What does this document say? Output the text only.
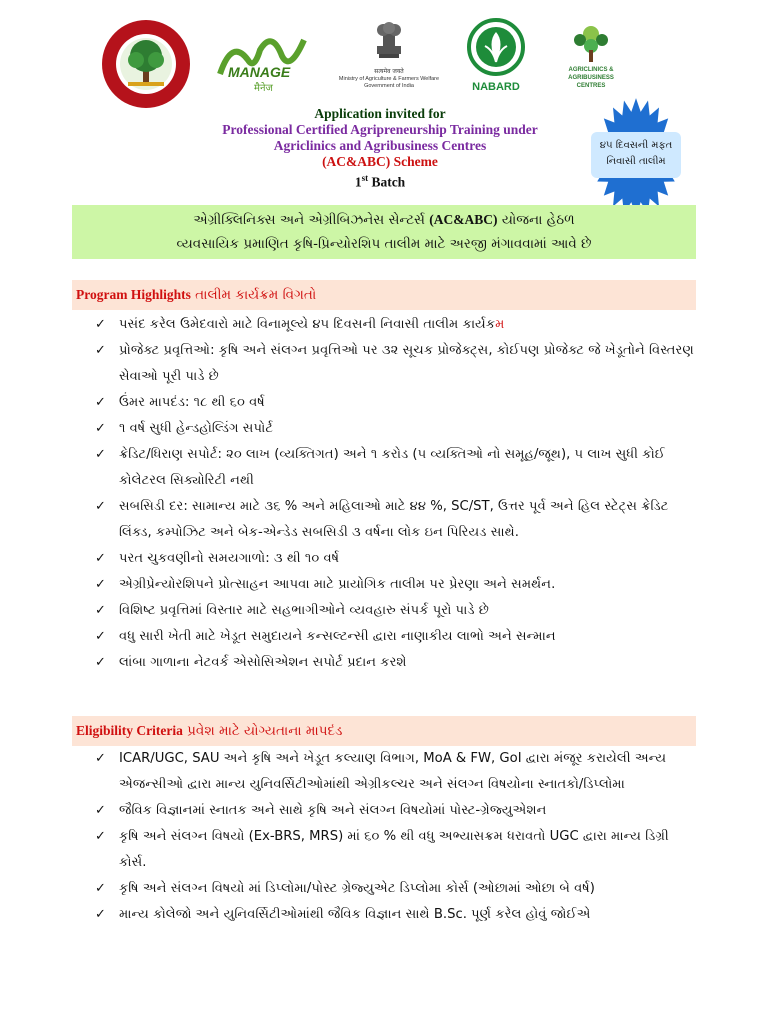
MANAGE
मैनेज
सत्यमेव जयते
Ministry of Agriculture & Farmers Welfare
Government of India	NABARD
AGRICLINICS &
AGRIBUSINESS
CENTRES
Application invited for
Professional Certified Agripreneurship Training under
Agriclinics and Agribusiness Centres
(AC&ABC) Scheme
1st Batch
૪૫ દિવસની મફત
નિવાસી તાલીમ
એગ્રીક્લિનિક્સ અને એગ્રીબિઝનેસ સેન્ટર્સ (AC&ABC) યોજના હેઠળ
વ્યવસાયિક પ્રમાણિત કૃષિ-પ્રિન્યોરશિપ તાલીમ માટે અરજી મંગાવવામાં આવે છે
Program Highlights તાલીમ કાર્યક્રમ વિગતો
✓ પસંદ કરેલ ઉમેદવારો માટે વિનામૂલ્યે ૪૫ દિવસની નિવાસી તાલીમ કાર્યકમ
✓ પ્રોજેક્ટ પ્રવૃત્તિઓ: કૃષિ અને સંલગ્ન પ્રવૃત્તિઓ પર ૩૨ સૂચક પ્રોજેક્ટ્સ, કોઈપણ પ્રોજેક્ટ જે ખેડૂતોને વિસ્તરણ સેવાઓ પૂરી પાડે છે
✓ ઉંમર માપદંડ: ૧૮ થી ૬૦ વર્ષ
✓ ૧ વર્ષ સુધી હેન્ડહોલ્ડિંગ સપોર્ટ
✓ ક્રેડિટ/ધિરાણ સપોર્ટ: ૨૦ લાખ (વ્યક્તિગત) અને ૧ કરોડ (૫ વ્યક્તિઓ નો સમૂહ/જૂથ), ૫ લાખ સુધી કોઈ કોલેટરલ સિક્યોરિટી નથી
✓ સબસિડી દર: સામાન્ય માટે ૩૬ % અને મહિલાઓ માટે ૪૪ %, SC/ST, ઉત્તર પૂર્વ અને હિલ સ્ટેટ્સ ક્રેડિટ લિંક્ડ, કમ્પોઝિટ અને બેક-એન્ડેડ સબસિડી ૩ વર્ષના લોક ઇન પિરિયડ સાથે.
✓ પરત ચુકવણીનો સમયગાળો: ૩ થી ૧૦ વર્ષ
✓ એગ્રીપ્રેન્યોરશિપને પ્રોત્સાહન આપવા માટે પ્રાયોગિક તાલીમ પર પ્રેરણા અને સમર્થન.
✓ વિશિષ્ટ પ્રવૃત્તિમાં વિસ્તાર માટે સહભાગીઓને વ્યવહારુ સંપર્ક પૂરો પાડે છે
✓ વધુ સારી ખેતી માટે ખેડૂત સમુદાયને કન્સલ્ટન્સી દ્વારા નાણાકીય લાભો અને સન્માન
✓ લાંબા ગાળાના નેટવર્ક એસોસિએશન સપોર્ટ પ્રદાન કરશે
Eligibility Criteria પ્રવેશ માટે યોગ્યતાના માપદંડ
✓ ICAR/UGC, SAU અને કૃષિ અને ખેડૂત કલ્યાણ વિભાગ, MoA & FW, GoI દ્વારા મંજૂર કરાયેલી અન્ય એજન્સીઓ દ્વારા માન્ય યુનિવર્સિટીઓમાંથી એગ્રીકલ્ચર અને સંલગ્ન વિષયોના સ્નાતકો/ડિપ્લોમા
✓ જૈવિક વિજ્ઞાનમાં સ્નાતક અને સાથે કૃષિ અને સંલગ્ન વિષયોમાં પોસ્ટ-ગ્રેજ્યુએશન
✓ કૃષિ અને સંલગ્ન વિષયો (Ex-BRS, MRS) માં ૬૦ % થી વધુ અભ્યાસક્રમ ધરાવતો UGC દ્વારા માન્ય ડિગ્રી કોર્સ.
✓ કૃષિ અને સંલગ્ન વિષયો માં ડિપ્લોમા/પોસ્ટ ગ્રેજ્યુએટ ડિપ્લોમા કોર્સ (ઓછામાં ઓછા બે વર્ષ)
✓ માન્ય કોલેજો અને યુનિવર્સિટીઓમાંથી જૈવિક વિજ્ઞાન સાથે B.Sc. પૂર્ણ કરેલ હોવું જોઈએ
